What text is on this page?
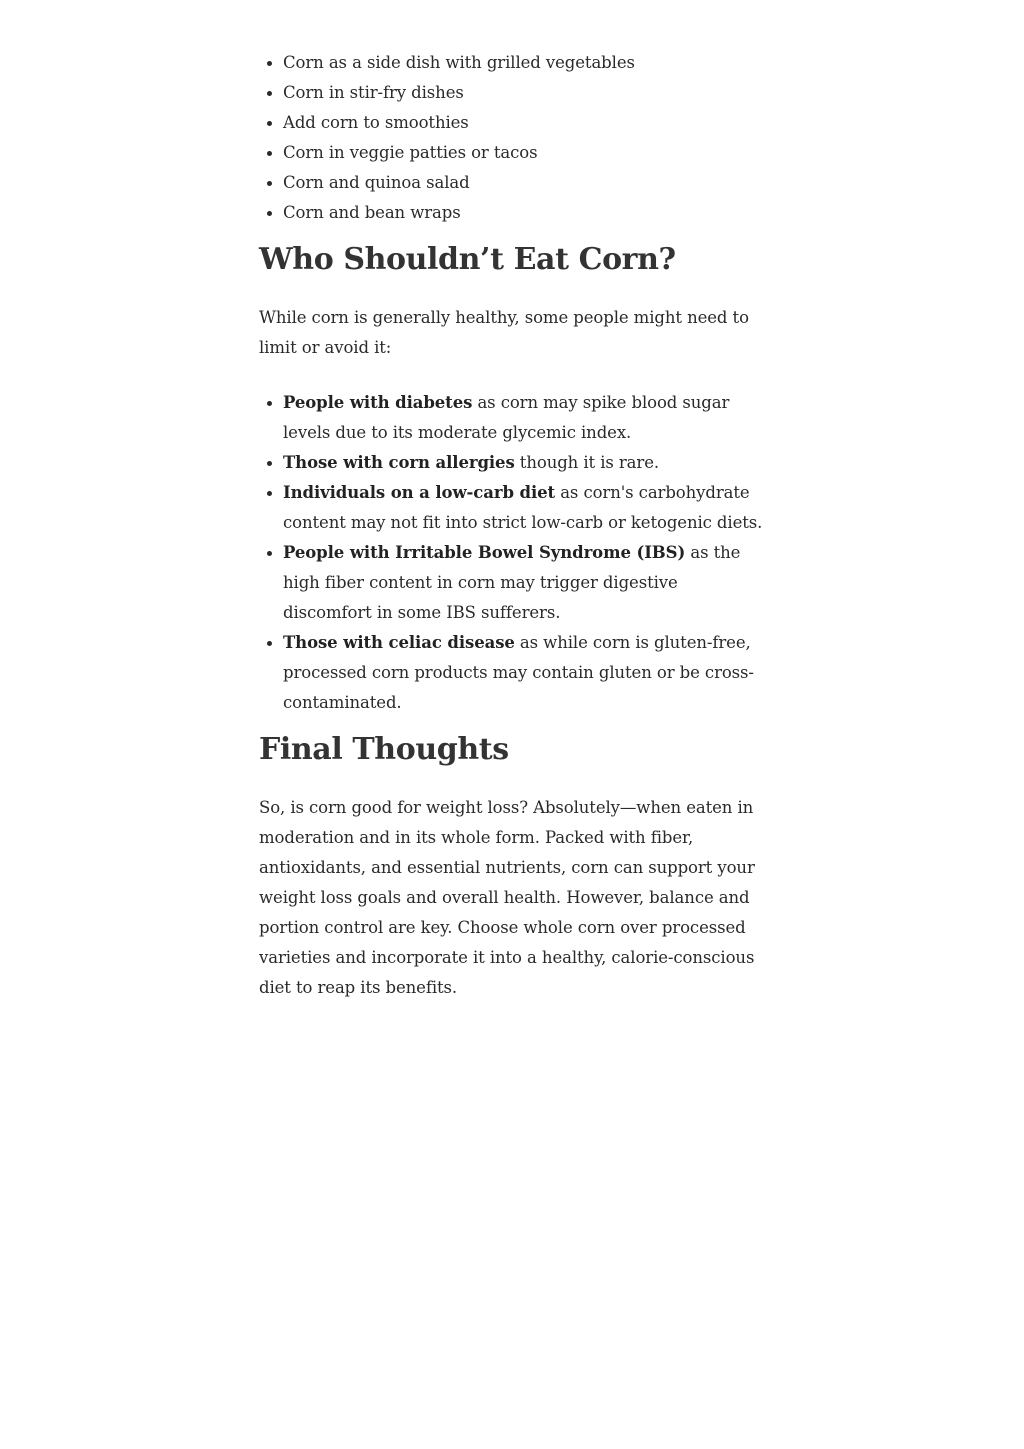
Corn as a side dish with grilled vegetables
Corn in stir-fry dishes
Add corn to smoothies
Corn in veggie patties or tacos
Corn and quinoa salad
Corn and bean wraps
Who Shouldn’t Eat Corn?

While corn is generally healthy, some people might need to limit or avoid it:

People with diabetes as corn may spike blood sugar levels due to its moderate glycemic index.
Those with corn allergies though it is rare.
Individuals on a low-carb diet as corn's carbohydrate content may not fit into strict low-carb or ketogenic diets.
People with Irritable Bowel Syndrome (IBS) as the high fiber content in corn may trigger digestive discomfort in some IBS sufferers.
Those with celiac disease as while corn is gluten-free, processed corn products may contain gluten or be cross-contaminated.
Final Thoughts

So, is corn good for weight loss? Absolutely—when eaten in moderation and in its whole form. Packed with fiber, antioxidants, and essential nutrients, corn can support your weight loss goals and overall health. However, balance and portion control are key. Choose whole corn over processed varieties and incorporate it into a healthy, calorie-conscious diet to reap its benefits.
